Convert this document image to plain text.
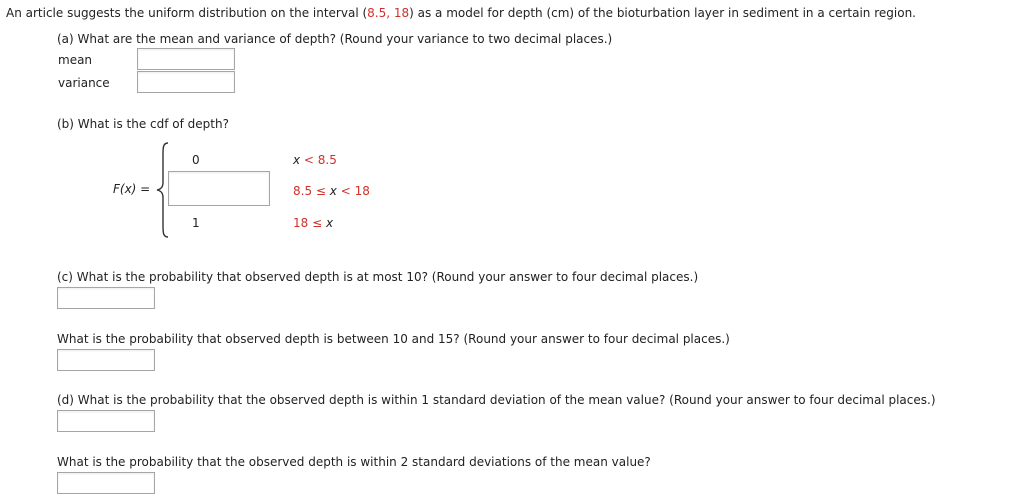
An article suggests the uniform distribution on the interval (8.5, 18) as a model for depth (cm) of the bioturbation layer in sediment in a certain region.
(a) What are the mean and variance of depth? (Round your variance to two decimal places.)
mean
variance
(b) What is the cdf of depth?
F(x) =
0	x < 8.5
8.5 ≤ x < 18
1	18 ≤ x
(c) What is the probability that observed depth is at most 10? (Round your answer to four decimal places.)
What is the probability that observed depth is between 10 and 15? (Round your answer to four decimal places.)
(d) What is the probability that the observed depth is within 1 standard deviation of the mean value? (Round your answer to four decimal places.)
What is the probability that the observed depth is within 2 standard deviations of the mean value?
